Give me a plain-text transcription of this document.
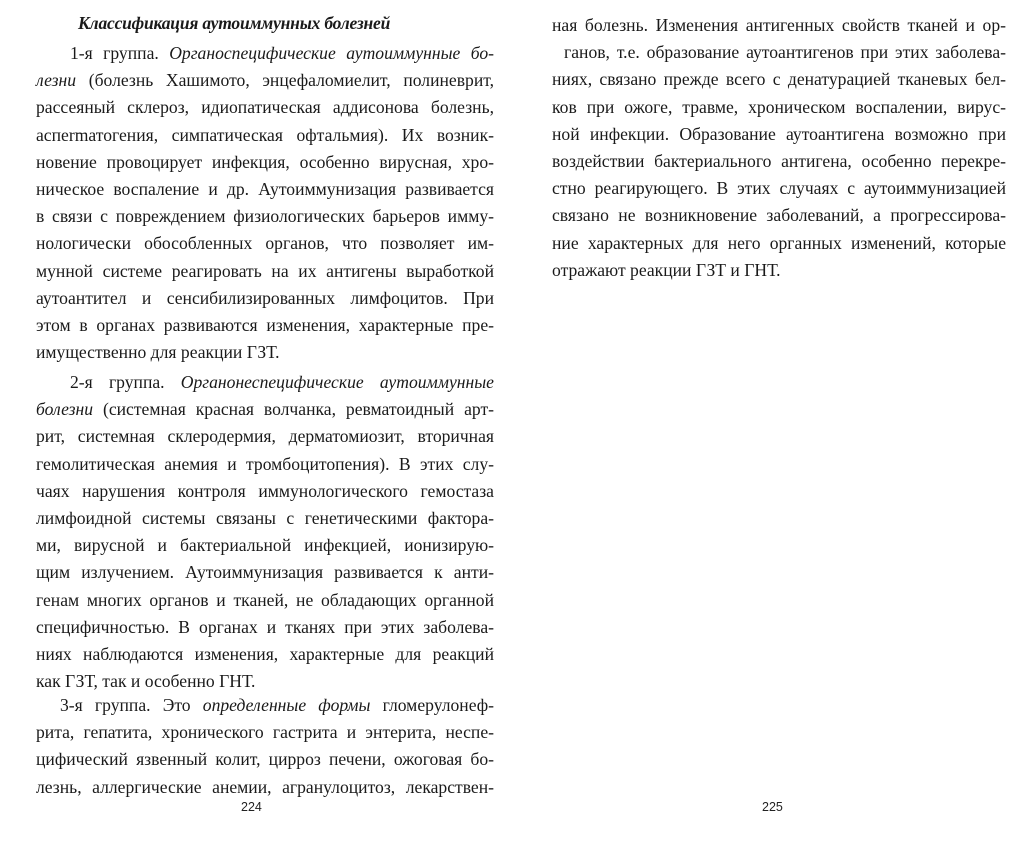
Классификация аутоиммунных болезней
1-я группа. Органоспецифические аутоиммунные бо-
лезни (болезнь Хашимото, энцефаломиелит, полиневрит,
рассеяный склероз, идиопатическая аддисонова болезнь,
аспermатогения, симпатическая офтальмия). Их возник-
новение провоцирует инфекция, особенно вирусная, хро-
ническое воспаление и др. Аутоиммунизация развивается
в связи с повреждением физиологических барьеров имму-
нологически обособленных органов, что позволяет им-
мунной системе реагировать на их антигены выработкой
аутоантител и сенсибилизированных лимфоцитов. При
этом в органах развиваются изменения, характерные пре-
имущественно для реакции ГЗТ.
2-я группа. Органонеспецифические аутоиммунные
болезни (системная красная волчанка, ревматоидный арт-
рит, системная склеродермия, дерматомиозит, вторичная
гемолитическая анемия и тромбоцитопения). В этих слу-
чаях нарушения контроля иммунологического гемостаза
лимфоидной системы связаны с генетическими фактора-
ми, вирусной и бактериальной инфекцией, ионизирую-
щим излучением. Аутоиммунизация развивается к анти-
генам многих органов и тканей, не обладающих органной
специфичностью. В органах и тканях при этих заболева-
ниях наблюдаются изменения, характерные для реакций
как ГЗТ, так и особенно ГНТ.
3-я группа. Это определенные формы гломерулонеф-
рита, гепатита, хронического гастрита и энтерита, неспе-
цифический язвенный колит, цирроз печени, ожоговая бо-
лезнь, аллергические анемии, агранулоцитоз, лекарствен-
224
ная болезнь. Изменения антигенных свойств тканей и ор-
ганов, т.е. образование аутоантигенов при этих заболева-
ниях, связано прежде всего с денатурацией тканевых бел-
ков при ожоге, травме, хроническом воспалении, вирус-
ной инфекции. Образование аутоантигена возможно при
воздействии бактериального антигена, особенно перекре-
стно реагирующего. В этих случаях с аутоиммунизацией
связано не возникновение заболеваний, а прогрессирова-
ние характерных для него органных изменений, которые
отражают реакции ГЗТ и ГНТ.
225
